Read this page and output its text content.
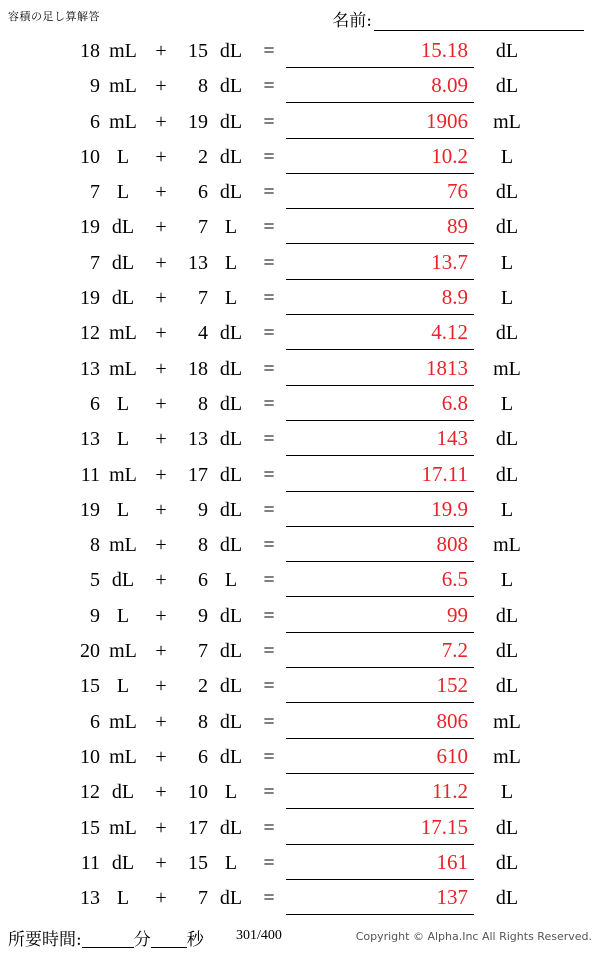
容積の足し算解答	名前:
18 mL +	15 dL	=	15.18	dL
9 mL +	8 dL	=	8.09	dL
6 mL +	19 dL	=	1906	mL
10 L	+	2 dL	=	10.2	L
7 L	+	6 dL	=	76	dL
19 dL	+	7 L	=	89	dL
7 dL	+	13 L	=	13.7	L
19 dL	+	7 L	=	8.9	L
12 mL +	4 dL	=	4.12	dL
13 mL +	18 dL	=	1813	mL
6 L	+	8 dL	=	6.8	L
13 L	+	13 dL	=	143	dL
11 mL +	17 dL	=	17.11	dL
19 L	+	9 dL	=	19.9	L
8 mL +	8 dL	=	808	mL
5 dL	+	6 L	=	6.5	L
9 L	+	9 dL	=	99	dL
20 mL +	7 dL	=	7.2	dL
15 L	+	2 dL	=	152	dL
6 mL +	8 dL	=	806	mL
10 mL +	6 dL	=	610	mL
12 dL	+	10 L	=	11.2	L
15 mL +	17 dL	=	17.15	dL
11 dL	+	15 L	=	161	dL
13 L	+	7 dL	=	137	dL
所要時間:	分 秒 301/400	Copyright © Alpha.Inc All Rights Reserved.
